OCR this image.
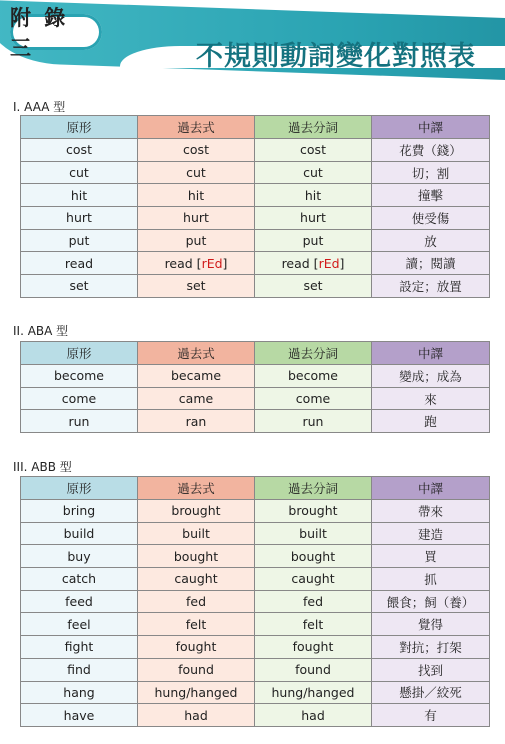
附 錄 三	不規則動詞變化對照表
I. AAA 型
原形	過去式	過去分詞	中譯
cost	cost	cost	花費（錢）
cut	cut	cut	切；割
hit	hit	hit	撞擊
hurt	hurt	hurt	使受傷
put	put	put	放
read	read [rEd]	read [rEd]	讀；閱讀
set	set	set	設定；放置
II. ABA 型
原形	過去式	過去分詞	中譯
become	became	become	變成；成為
come	came	come	來
run	ran	run	跑
III. ABB 型
原形	過去式	過去分詞	中譯
bring	brought	brought	帶來
build	built	built	建造
buy	bought	bought	買
catch	caught	caught	抓
feed	fed	fed	餵食；飼（養）
feel	felt	felt	覺得
fight	fought	fought	對抗；打架
find	found	found	找到
hang	hung/hanged	hung/hanged	懸掛／絞死
have	had	had	有
